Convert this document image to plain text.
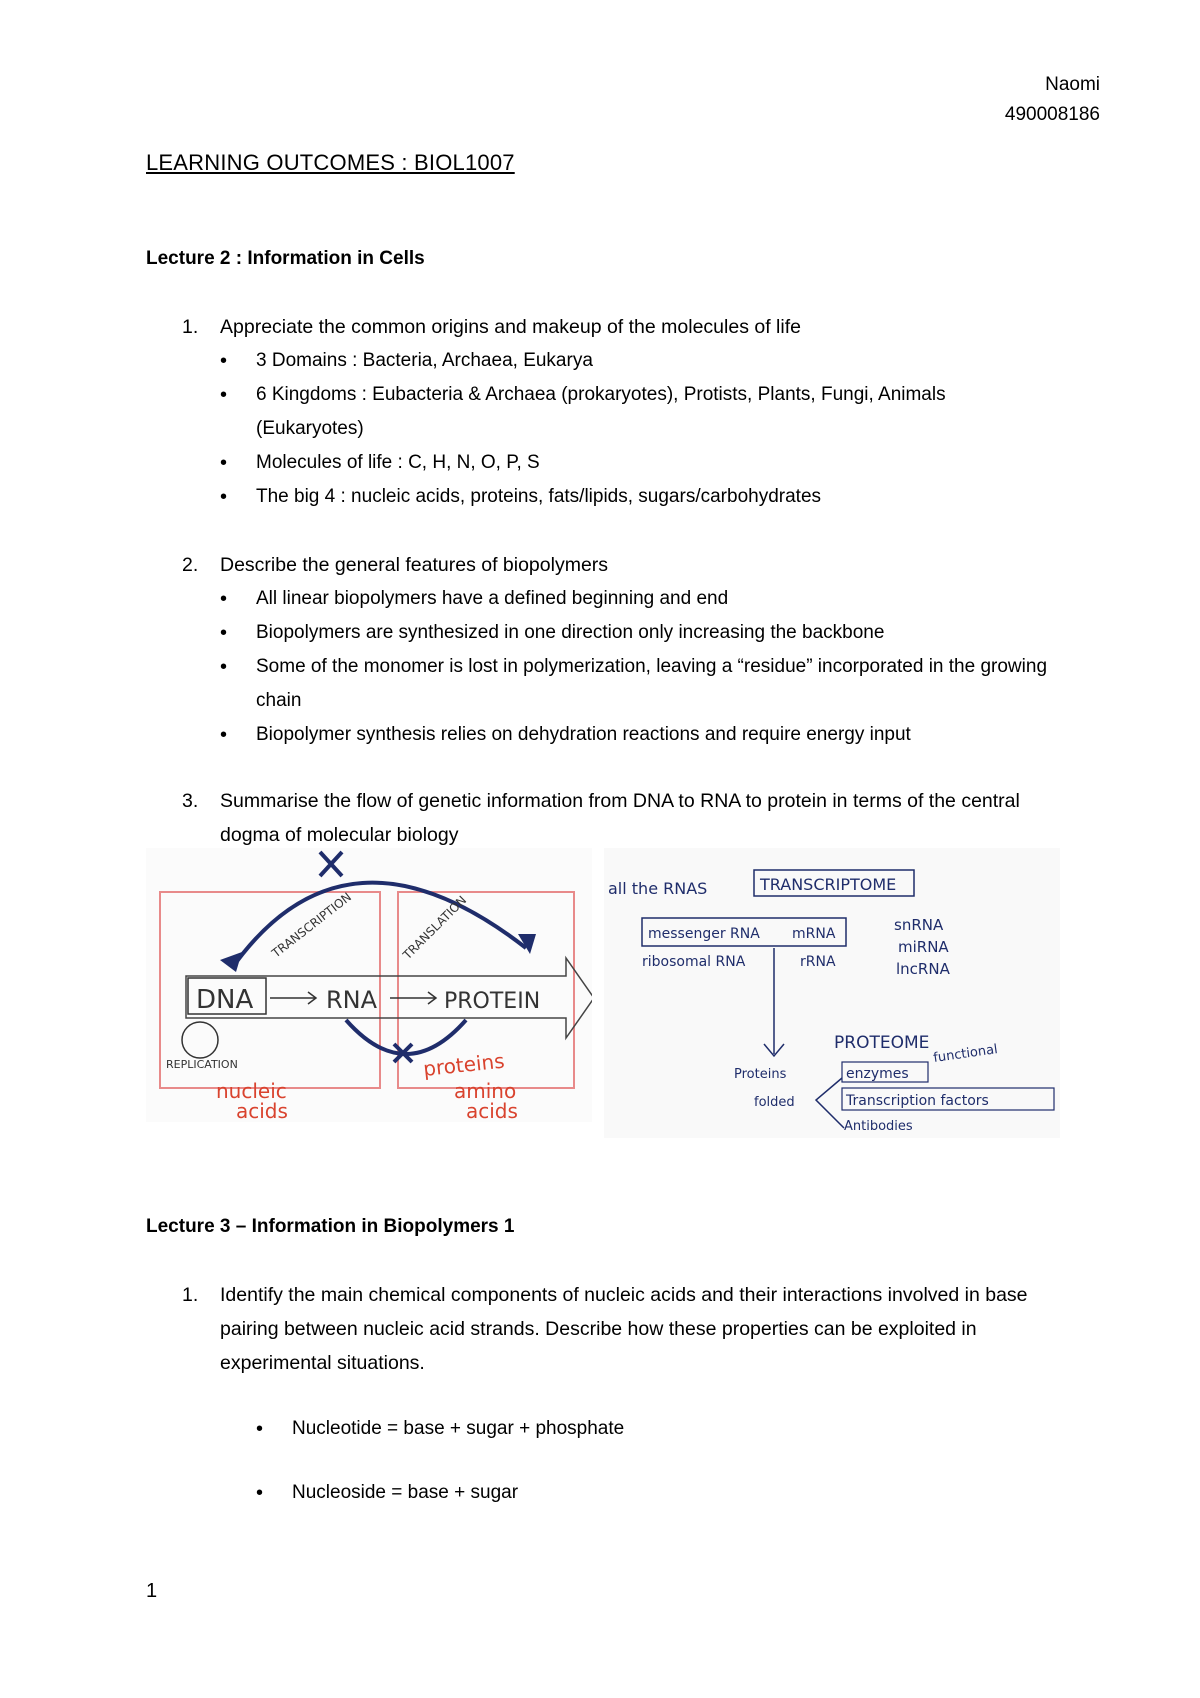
Naomi
490008186
LEARNING OUTCOMES : BIOL1007
Lecture 2 : Information in Cells
1. Appreciate the common origins and makeup of the molecules of life
• 3 Domains : Bacteria, Archaea, Eukarya
• 6 Kingdoms : Eubacteria & Archaea (prokaryotes), Protists, Plants, Fungi, Animals (Eukaryotes)
• Molecules of life : C, H, N, O, P, S
• The big 4 : nucleic acids, proteins, fats/lipids, sugars/carbohydrates
2. Describe the general features of biopolymers
• All linear biopolymers have a defined beginning and end
• Biopolymers are synthesized in one direction only increasing the backbone
• Some of the monomer is lost in polymerization, leaving a “residue” incorporated in the growing chain
• Biopolymer synthesis relies on dehydration reactions and require energy input
3. Summarise the flow of genetic information from DNA to RNA to protein in terms of the central dogma of molecular biology
DNA	RNA	PROTEIN
TRANSCRIPTION	TRANSLATION
REPLICATION	proteins
amino
acids
nucleic
acids
all the RNAS	TRANSCRIPTOME
messenger RNA mRNA
ribosomal RNA	rRNA
snRNA
miRNA
lncRNA
PROTEOME functional
Proteins
folded
enzymes
Transcription factors
Antibodies
Lecture 3 – Information in Biopolymers 1
1. Identify the main chemical components of nucleic acids and their interactions involved in base pairing between nucleic acid strands. Describe how these properties can be exploited in experimental situations.
• Nucleotide = base + sugar + phosphate
• Nucleoside = base + sugar
1
